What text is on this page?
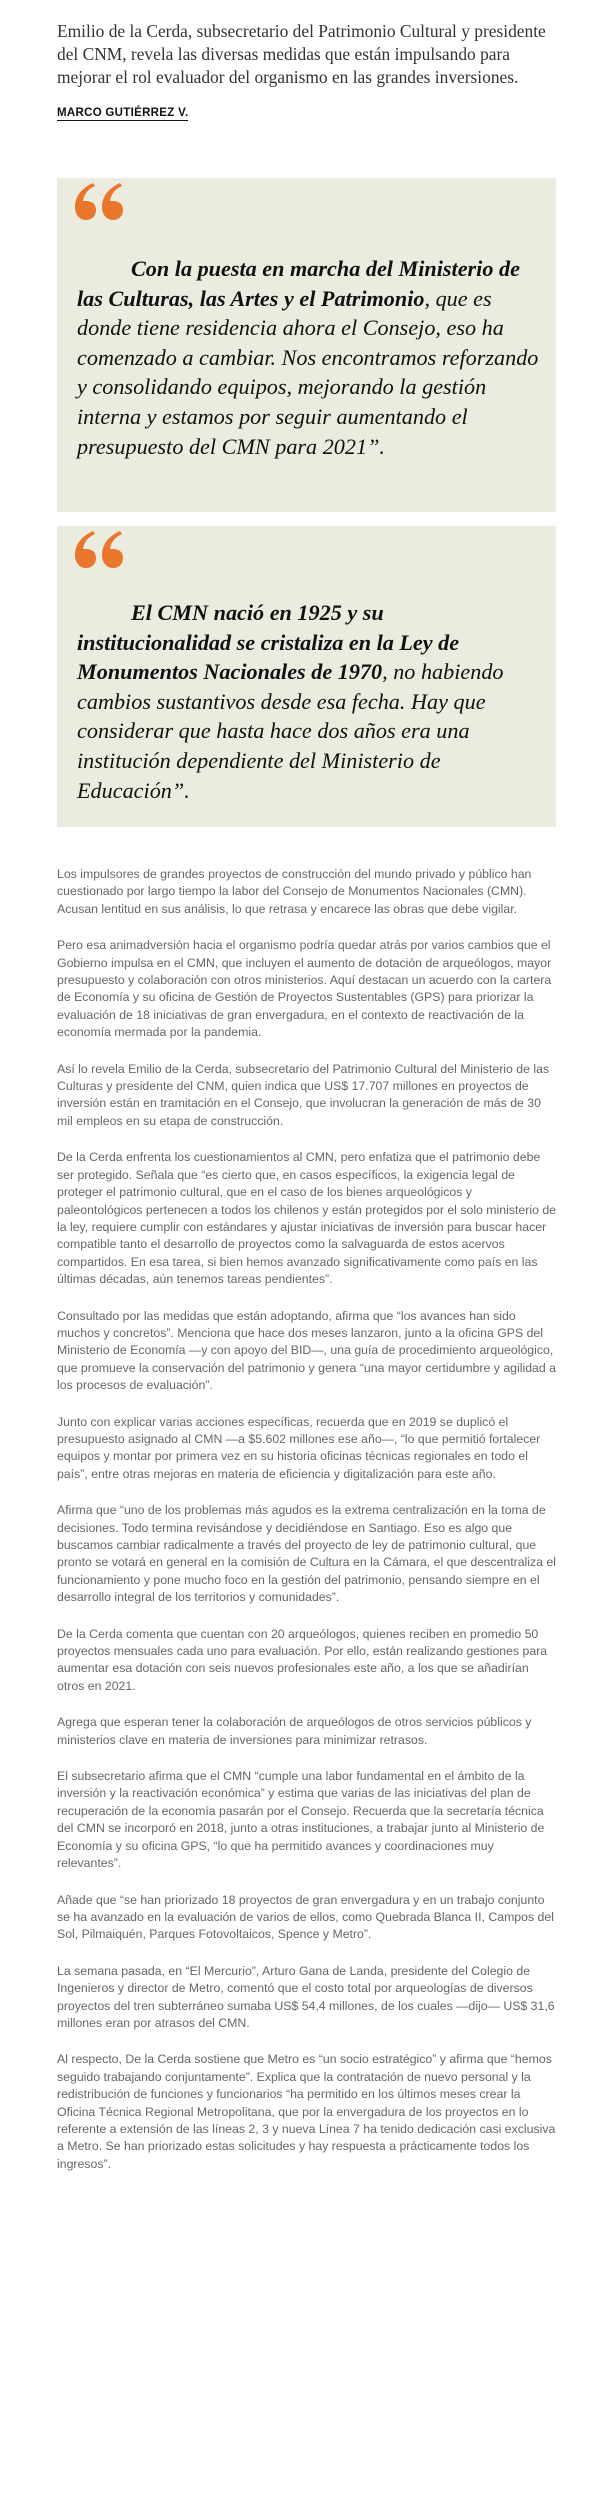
Emilio de la Cerda, subsecretario del Patrimonio Cultural y presidente del CNM, revela las diversas medidas que están impulsando para mejorar el rol evaluador del organismo en las grandes inversiones.

MARCO GUTIÉRREZ V.

Con la puesta en marcha del Ministerio de las Culturas, las Artes y el Patrimonio, que es donde tiene residencia ahora el Consejo, eso ha comenzado a cambiar. Nos encontramos reforzando y consolidando equipos, mejorando la gestión interna y estamos por seguir aumentando el presupuesto del CMN para 2021”.

El CMN nació en 1925 y su institucionalidad se cristaliza en la Ley de Monumentos Nacionales de 1970, no habiendo cambios sustantivos desde esa fecha. Hay que considerar que hasta hace dos años era una institución dependiente del Ministerio de Educación”.

Los impulsores de grandes proyectos de construcción del mundo privado y público han cuestionado por largo tiempo la labor del Consejo de Monumentos Nacionales (CMN). Acusan lentitud en sus análisis, lo que retrasa y encarece las obras que debe vigilar.

Pero esa animadversión hacia el organismo podría quedar atrás por varios cambios que el Gobierno impulsa en el CMN, que incluyen el aumento de dotación de arqueólogos, mayor presupuesto y colaboración con otros ministerios. Aquí destacan un acuerdo con la cartera de Economía y su oficina de Gestión de Proyectos Sustentables (GPS) para priorizar la evaluación de 18 iniciativas de gran envergadura, en el contexto de reactivación de la economía mermada por la pandemia.

Así lo revela Emilio de la Cerda, subsecretario del Patrimonio Cultural del Ministerio de las Culturas y presidente del CNM, quien indica que US$ 17.707 millones en proyectos de inversión están en tramitación en el Consejo, que involucran la generación de más de 30 mil empleos en su etapa de construcción.

De la Cerda enfrenta los cuestionamientos al CMN, pero enfatiza que el patrimonio debe ser protegido. Señala que “es cierto que, en casos específicos, la exigencia legal de proteger el patrimonio cultural, que en el caso de los bienes arqueológicos y paleontológicos pertenecen a todos los chilenos y están protegidos por el solo ministerio de la ley, requiere cumplir con estándares y ajustar iniciativas de inversión para buscar hacer compatible tanto el desarrollo de proyectos como la salvaguarda de estos acervos compartidos. En esa tarea, si bien hemos avanzado significativamente como país en las últimas décadas, aún tenemos tareas pendientes”.

Consultado por las medidas que están adoptando, afirma que “los avances han sido muchos y concretos”. Menciona que hace dos meses lanzaron, junto a la oficina GPS del Ministerio de Economía —y con apoyo del BID—, una guía de procedimiento arqueológico, que promueve la conservación del patrimonio y genera “una mayor certidumbre y agilidad a los procesos de evaluación”.

Junto con explicar varias acciones específicas, recuerda que en 2019 se duplicó el presupuesto asignado al CMN —a $5.602 millones ese año—, “lo que permitió fortalecer equipos y montar por primera vez en su historia oficinas técnicas regionales en todo el país”, entre otras mejoras en materia de eficiencia y digitalización para este año.

Afirma que “uno de los problemas más agudos es la extrema centralización en la toma de decisiones. Todo termina revisándose y decidiéndose en Santiago. Eso es algo que buscamos cambiar radicalmente a través del proyecto de ley de patrimonio cultural, que pronto se votará en general en la comisión de Cultura en la Cámara, el que descentraliza el funcionamiento y pone mucho foco en la gestión del patrimonio, pensando siempre en el desarrollo integral de los territorios y comunidades”.

De la Cerda comenta que cuentan con 20 arqueólogos, quienes reciben en promedio 50 proyectos mensuales cada uno para evaluación. Por ello, están realizando gestiones para aumentar esa dotación con seis nuevos profesionales este año, a los que se añadirían otros en 2021.

Agrega que esperan tener la colaboración de arqueólogos de otros servicios públicos y ministerios clave en materia de inversiones para minimizar retrasos.

El subsecretario afirma que el CMN “cumple una labor fundamental en el ámbito de la inversión y la reactivación económica” y estima que varias de las iniciativas del plan de recuperación de la economía pasarán por el Consejo. Recuerda que la secretaría técnica del CMN se incorporó en 2018, junto a otras instituciones, a trabajar junto al Ministerio de Economía y su oficina GPS, “lo que ha permitido avances y coordinaciones muy relevantes”.

Añade que “se han priorizado 18 proyectos de gran envergadura y en un trabajo conjunto se ha avanzado en la evaluación de varios de ellos, como Quebrada Blanca II, Campos del Sol, Pilmaiquén, Parques Fotovoltaicos, Spence y Metro”.

La semana pasada, en “El Mercurio”, Arturo Gana de Landa, presidente del Colegio de Ingenieros y director de Metro, comentó que el costo total por arqueologías de diversos proyectos del tren subterráneo sumaba US$ 54,4 millones, de los cuales —dijo— US$ 31,6 millones eran por atrasos del CMN.

Al respecto, De la Cerda sostiene que Metro es “un socio estratégico” y afirma que “hemos seguido trabajando conjuntamente”. Explica que la contratación de nuevo personal y la redistribución de funciones y funcionarios “ha permitido en los últimos meses crear la Oficina Técnica Regional Metropolitana, que por la envergadura de los proyectos en lo referente a extensión de las líneas 2, 3 y nueva Línea 7 ha tenido dedicación casi exclusiva a Metro. Se han priorizado estas solicitudes y hay respuesta a prácticamente todos los ingresos”.
